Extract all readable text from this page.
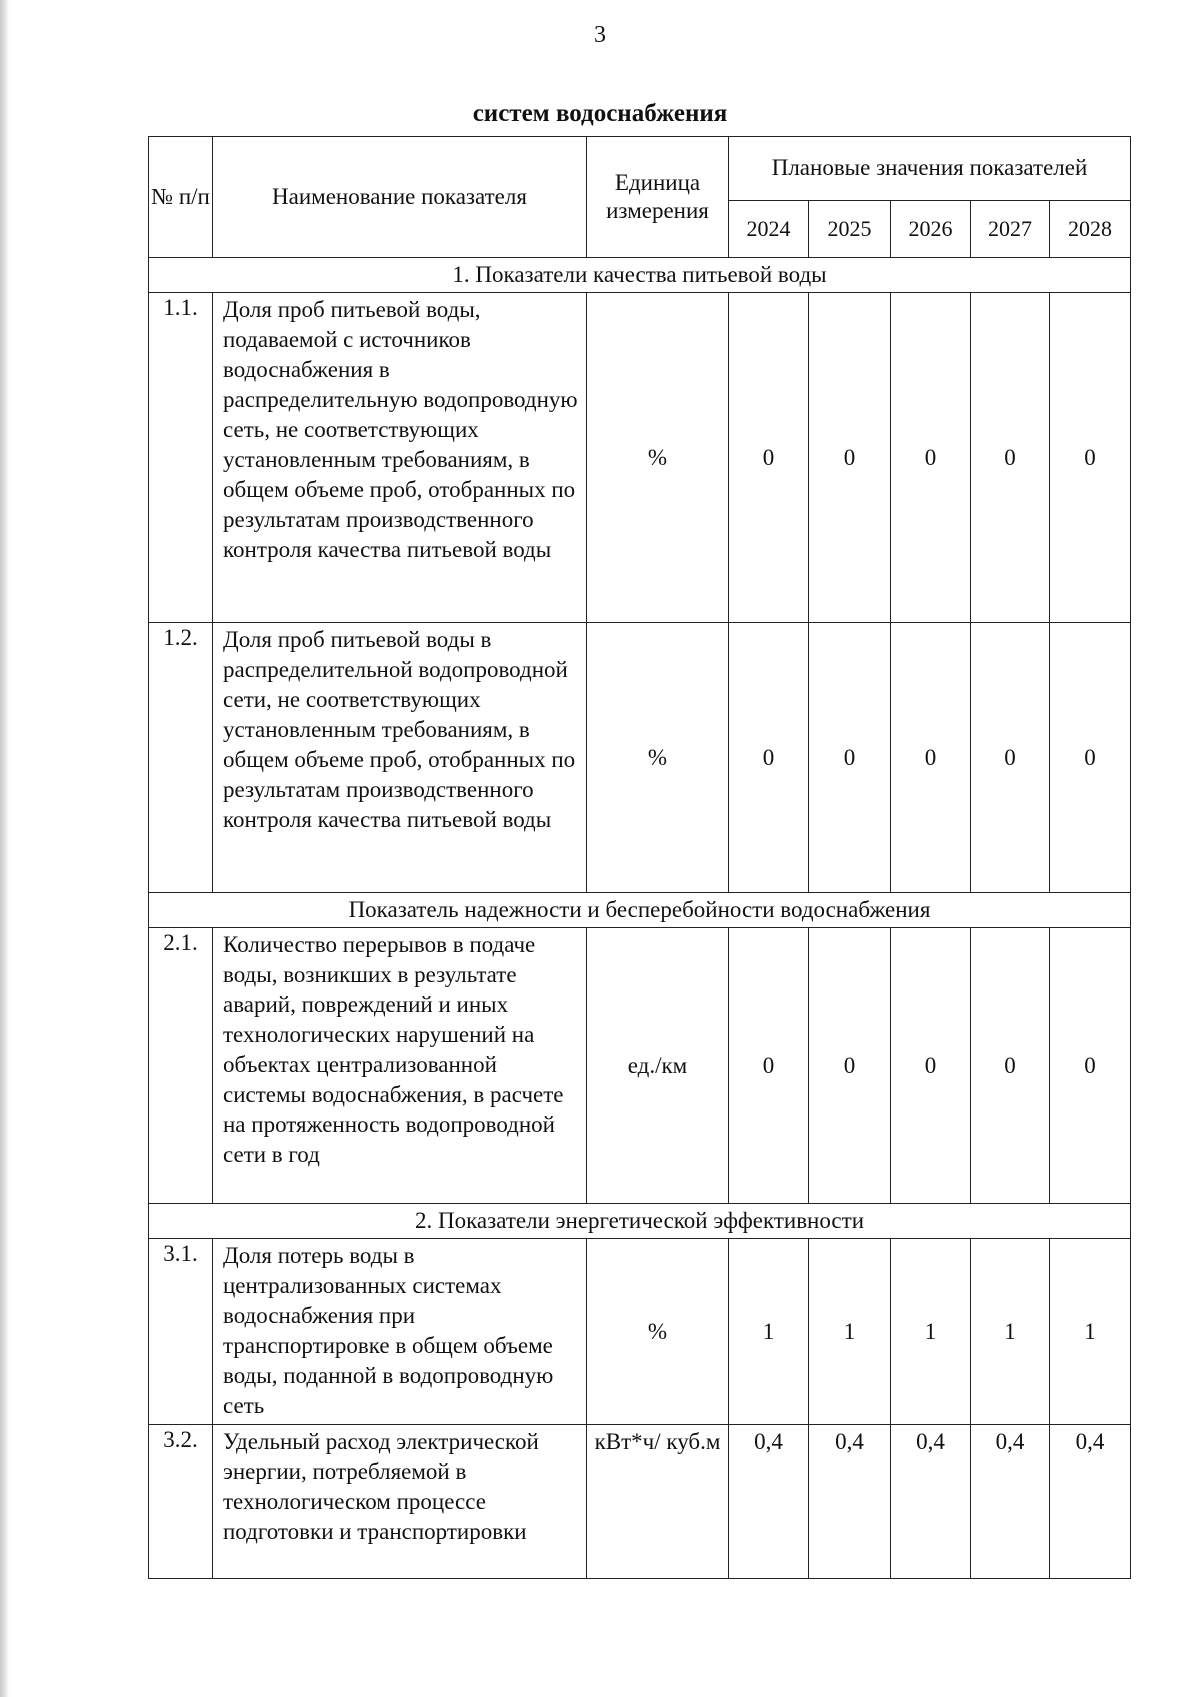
3
систем водоснабжения
№ п/п	Наименование показателя	Единица измерения	Плановые значения показателей				
			2024	2025	2026	2027	2028
1. Показатели качества питьевой воды							
1.1.	Доля проб питьевой воды, подаваемой с источников водоснабжения в распределительную водопроводную сеть, не соответствующих установленным требованиям, в общем объеме проб, отобранных по результатам производственного контроля качества питьевой воды	%	0	0	0	0	0
1.2.	Доля проб питьевой воды в распределительной водопроводной сети, не соответствующих установленным требованиям, в общем объеме проб, отобранных по результатам производственного контроля качества питьевой воды	%	0	0	0	0	0
Показатель надежности и бесперебойности водоснабжения							
2.1.	Количество перерывов в подаче воды, возникших в результате аварий, повреждений и иных технологических нарушений на объектах централизованной системы водоснабжения, в расчете на протяженность водопроводной сети в год	ед./км	0	0	0	0	0
2. Показатели энергетической эффективности							
3.1.	Доля потерь воды в централизованных системах водоснабжения при транспортировке в общем объеме воды, поданной в водопроводную сеть	%	1	1	1	1	1
3.2.	Удельный расход электрической энергии, потребляемой в технологическом процессе подготовки и транспортировки	кВт*ч/ куб.м	0,4	0,4	0,4	0,4	0,4
